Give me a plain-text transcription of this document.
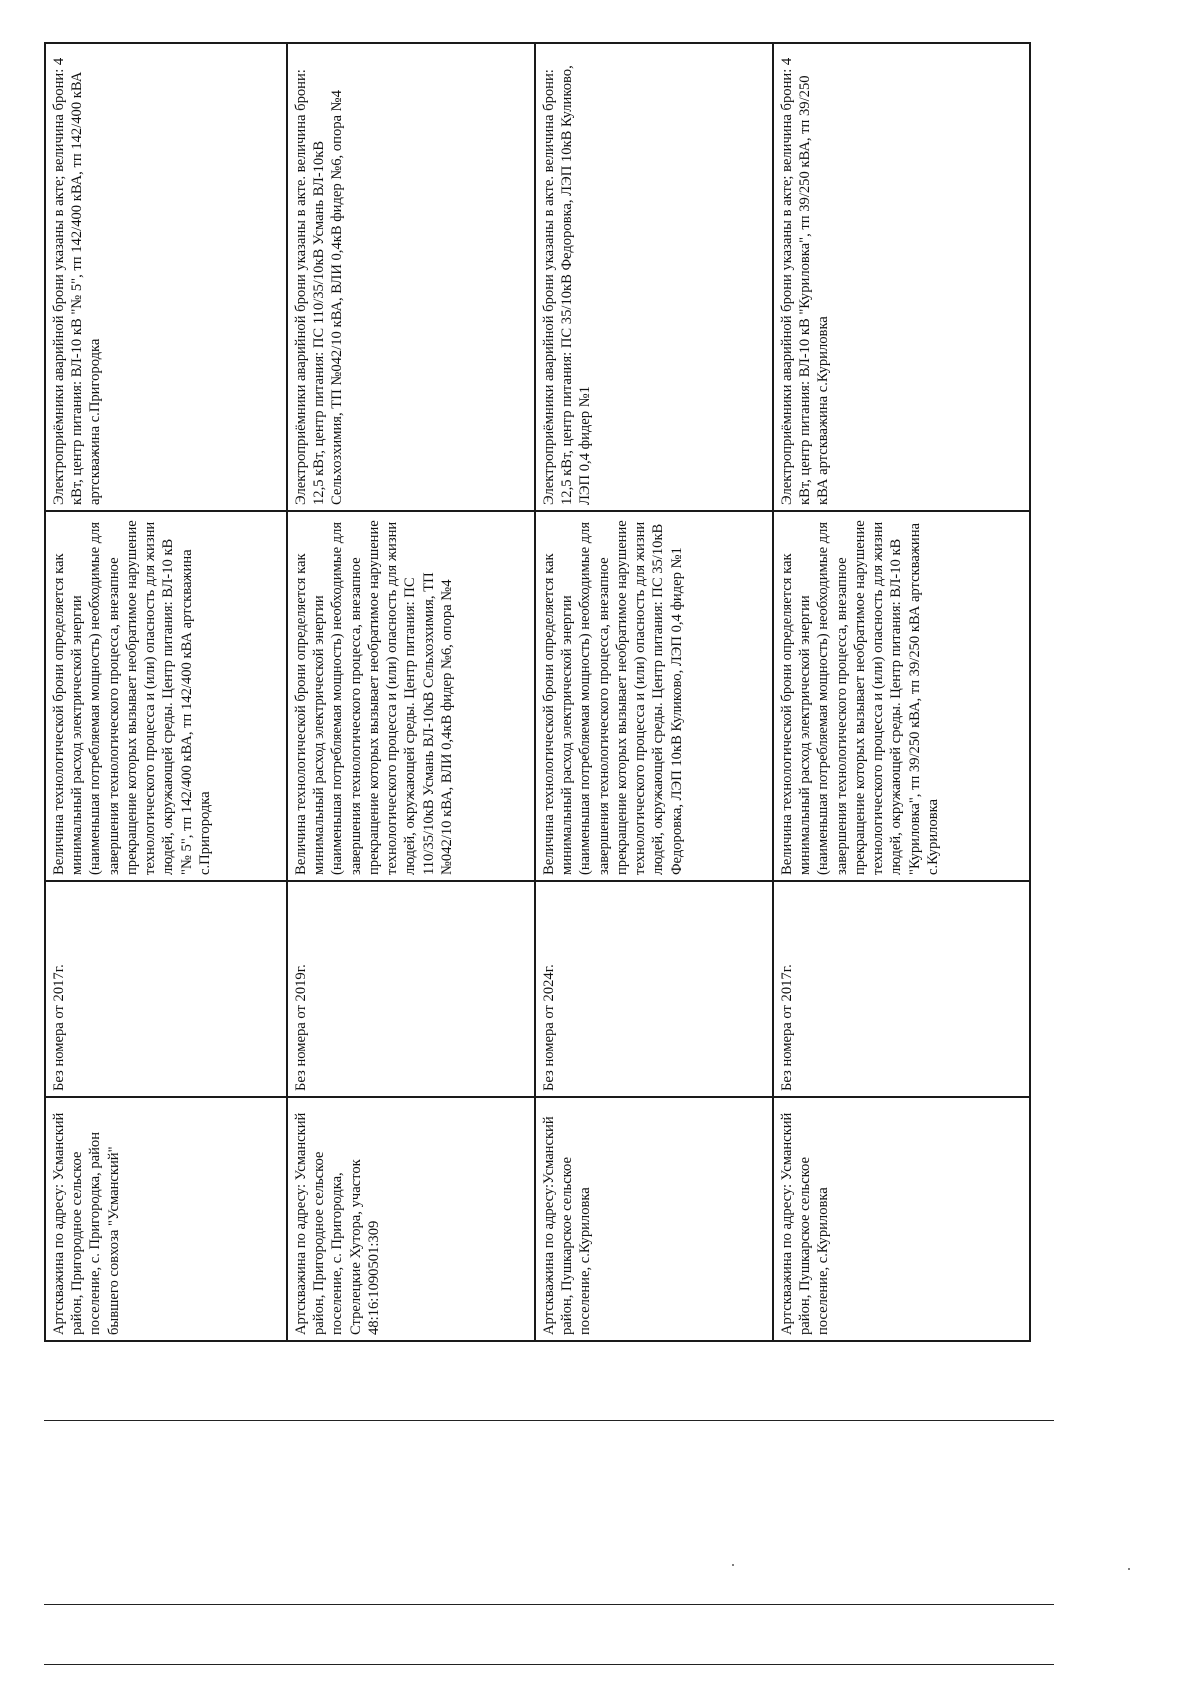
Артскважина по адресу: Усманский район, Пригородное сельское поселение, с. Пригородка, район бывшего совхоза "Усманский"	Без номера от 2017г.	Величина технологической брони определяется как минимальный расход электрической энергии (наименьшая потребляемая мощность) необходимые для завершения технологического процесса, внезапное прекращение которых вызывает необратимое нарушение технологического процесса и (или) опасность для жизни людей, окружающей среды. Центр питания: ВЛ-10 кВ "№ 5", тп 142/400 кВА, тп 142/400 кВА артскважина с.Пригородка	Электроприёмники аварийной брони указаны в акте; величина брони: 4 кВт, центр питания: ВЛ-10 кВ "№ 5", тп 142/400 кВА, тп 142/400 кВА артскважина с.Пригородка
Артскважина по адресу: Усманский район, Пригородное сельское поселение, с. Пригородка, Стрелецкие Хутора, участок 48:16:1090501:309	Без номера от 2019г.	Величина технологической брони определяется как минимальный расход электрической энергии (наименьшая потребляемая мощность) необходимые для завершения технологического процесса, внезапное прекращение которых вызывает необратимое нарушение технологического процесса и (или) опасность для жизни людей, окружающей среды. Центр питания: ПС 110/35/10кВ Усмань ВЛ-10кВ Сельхозхимия, ТП №042/10 кВА, ВЛИ 0,4кВ фидер №6, опора №4	Электроприёмники аварийной брони указаны в акте. величина брони: 12,5 кВт, центр питания: ПС 110/35/10кВ Усмань ВЛ-10кВ Сельхозхимия, ТП №042/10 кВА, ВЛИ 0,4кВ фидер №6, опора №4
Артскважина по адресу:Усманский район, Пушкарское сельское поселение, с.Куриловка	Без номера от 2024г.	Величина технологической брони определяется как минимальный расход электрической энергии (наименьшая потребляемая мощность) необходимые для завершения технологического процесса, внезапное прекращение которых вызывает необратимое нарушение технологического процесса и (или) опасность для жизни людей, окружающей среды. Центр питания: ПС 35/10кВ Федоровка, ЛЭП 10кВ Куликово, ЛЭП 0,4 фидер №1	Электроприёмники аварийной брони указаны в акте. величина брони: 12,5 кВт, центр питания: ПС 35/10кВ Федоровка, ЛЭП 10кВ Куликово, ЛЭП 0,4 фидер №1
Артскважина по адресу: Усманский район, Пушкарское сельское поселение, с.Куриловка	Без номера от 2017г.	Величина технологической брони определяется как минимальный расход электрической энергии (наименьшая потребляемая мощность) необходимые для завершения технологического процесса, внезапное прекращение которых вызывает необратимое нарушение технологического процесса и (или) опасность для жизни людей, окружающей среды. Центр питания: ВЛ-10 кВ "Куриловка", тп 39/250 кВА, тп 39/250 кВА артскважина с.Куриловка	Электроприёмники аварийной брони указаны в акте; величина брони: 4 кВт, центр питания: ВЛ-10 кВ "Куриловка", тп 39/250 кВА, тп 39/250 кВА артскважина с.Куриловка
